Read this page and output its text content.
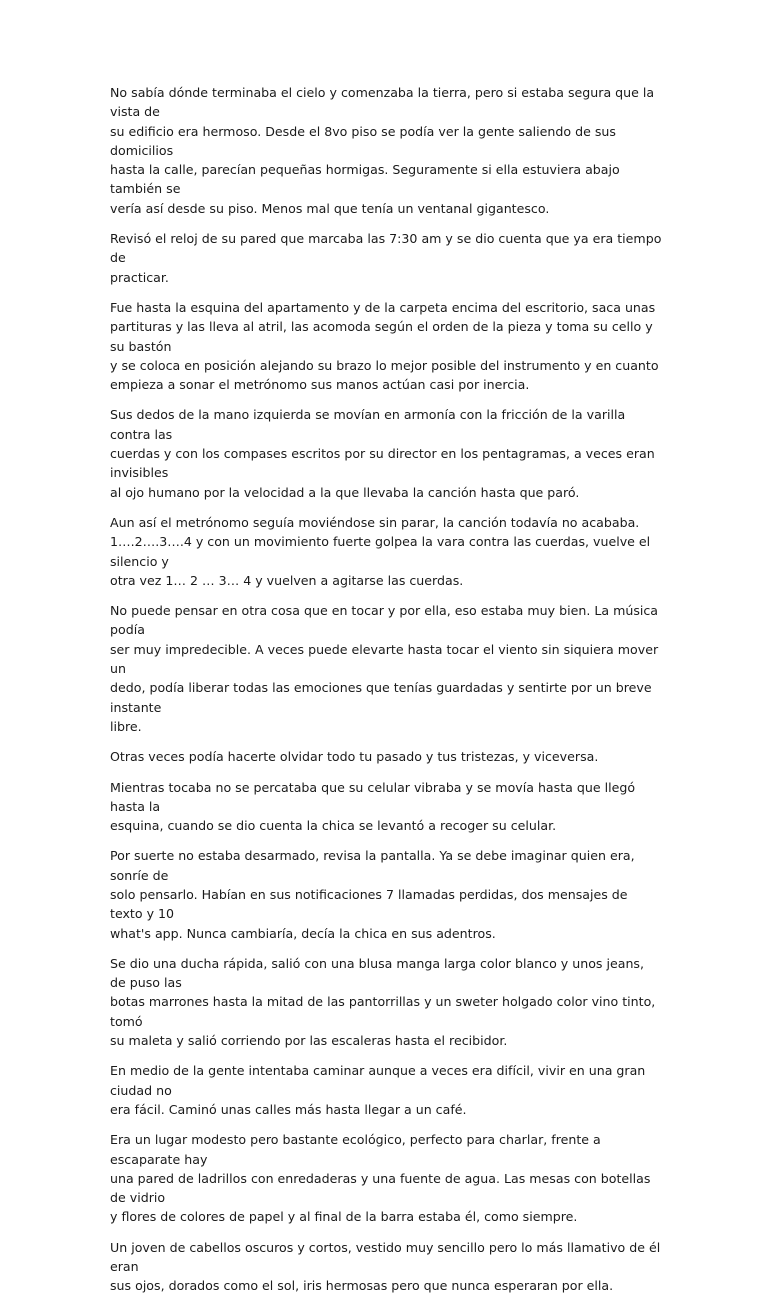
No sabía dónde terminaba el cielo y comenzaba la tierra, pero si estaba segura que la vista de
su edificio era hermoso. Desde el 8vo piso se podía ver la gente saliendo de sus domicilios
hasta la calle, parecían pequeñas hormigas. Seguramente si ella estuviera abajo también se
vería así desde su piso. Menos mal que tenía un ventanal gigantesco.

Revisó el reloj de su pared que marcaba las 7:30 am y se dio cuenta que ya era tiempo de
practicar.

Fue hasta la esquina del apartamento y de la carpeta encima del escritorio, saca unas
partituras y las lleva al atril, las acomoda según el orden de la pieza y toma su cello y su bastón
y se coloca en posición alejando su brazo lo mejor posible del instrumento y en cuanto
empieza a sonar el metrónomo sus manos actúan casi por inercia.

Sus dedos de la mano izquierda se movían en armonía con la fricción de la varilla contra las
cuerdas y con los compases escritos por su director en los pentagramas, a veces eran invisibles
al ojo humano por la velocidad a la que llevaba la canción hasta que paró.

Aun así el metrónomo seguía moviéndose sin parar, la canción todavía no acababa.
1….2….3….4 y con un movimiento fuerte golpea la vara contra las cuerdas, vuelve el silencio y
otra vez 1… 2 … 3… 4 y vuelven a agitarse las cuerdas.

No puede pensar en otra cosa que en tocar y por ella, eso estaba muy bien. La música podía
ser muy impredecible. A veces puede elevarte hasta tocar el viento sin siquiera mover un
dedo, podía liberar todas las emociones que tenías guardadas y sentirte por un breve instante
libre.

Otras veces podía hacerte olvidar todo tu pasado y tus tristezas, y viceversa.

Mientras tocaba no se percataba que su celular vibraba y se movía hasta que llegó hasta la
esquina, cuando se dio cuenta la chica se levantó a recoger su celular.

Por suerte no estaba desarmado, revisa la pantalla. Ya se debe imaginar quien era, sonríe de
solo pensarlo. Habían en sus notificaciones 7 llamadas perdidas, dos mensajes de texto y 10
what's app. Nunca cambiaría, decía la chica en sus adentros.

Se dio una ducha rápida, salió con una blusa manga larga color blanco y unos jeans, de puso las
botas marrones hasta la mitad de las pantorrillas y un sweter holgado color vino tinto, tomó
su maleta y salió corriendo por las escaleras hasta el recibidor.

En medio de la gente intentaba caminar aunque a veces era difícil, vivir en una gran ciudad no
era fácil. Caminó unas calles más hasta llegar a un café.

Era un lugar modesto pero bastante ecológico, perfecto para charlar, frente a escaparate hay
una pared de ladrillos con enredaderas y una fuente de agua. Las mesas con botellas de vidrio
y flores de colores de papel y al final de la barra estaba él, como siempre.

Un joven de cabellos oscuros y cortos, vestido muy sencillo pero lo más llamativo de él eran
sus ojos, dorados como el sol, iris hermosas pero que nunca esperaran por ella.
